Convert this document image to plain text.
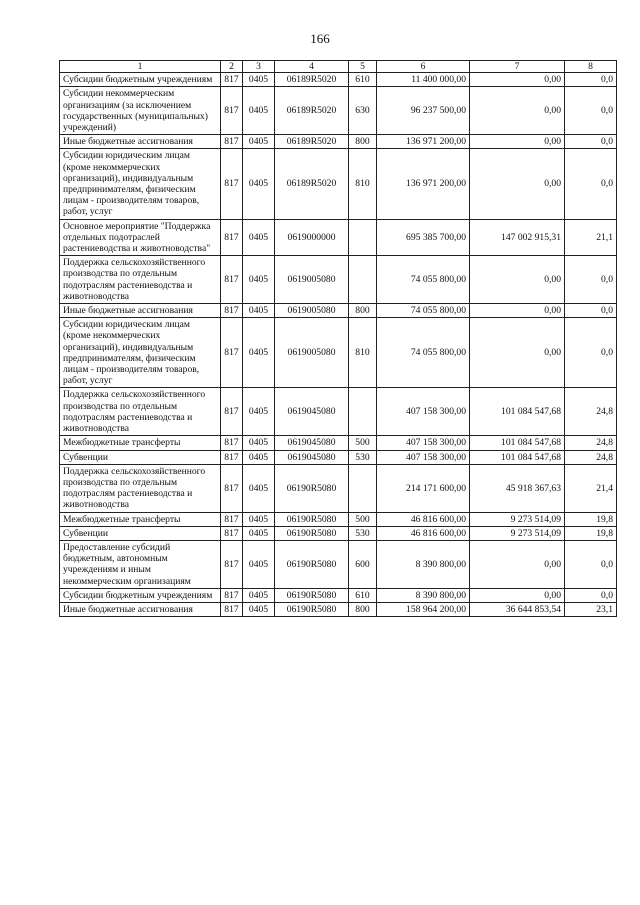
166
1	2	3	4	5	6	7	8
Субсидии бюджетным учреждениям	817	0405	06189R5020	610	11 400 000,00	0,00	0,0
Субсидии некоммерческим организациям (за исключением государственных (муниципальных) учреждений)	817	0405	06189R5020	630	96 237 500,00	0,00	0,0
Иные бюджетные ассигнования	817	0405	06189R5020	800	136 971 200,00	0,00	0,0
Субсидии юридическим лицам (кроме некоммерческих организаций), индивидуальным предпринимателям, физическим лицам - производителям товаров, работ, услуг	817	0405	06189R5020	810	136 971 200,00	0,00	0,0
Основное мероприятие "Поддержка отдельных подотраслей растениеводства и животноводства"	817	0405	0619000000		695 385 700,00	147 002 915,31	21,1
Поддержка сельскохозяйственного производства по отдельным подотраслям растениеводства и животноводства	817	0405	0619005080		74 055 800,00	0,00	0,0
Иные бюджетные ассигнования	817	0405	0619005080	800	74 055 800,00	0,00	0,0
Субсидии юридическим лицам (кроме некоммерческих организаций), индивидуальным предпринимателям, физическим лицам - производителям товаров, работ, услуг	817	0405	0619005080	810	74 055 800,00	0,00	0,0
Поддержка сельскохозяйственного производства по отдельным подотраслям растениеводства и животноводства	817	0405	0619045080		407 158 300,00	101 084 547,68	24,8
Межбюджетные трансферты	817	0405	0619045080	500	407 158 300,00	101 084 547,68	24,8
Субвенции	817	0405	0619045080	530	407 158 300,00	101 084 547,68	24,8
Поддержка сельскохозяйственного производства по отдельным подотраслям растениеводства и животноводства	817	0405	06190R5080		214 171 600,00	45 918 367,63	21,4
Межбюджетные трансферты	817	0405	06190R5080	500	46 816 600,00	9 273 514,09	19,8
Субвенции	817	0405	06190R5080	530	46 816 600,00	9 273 514,09	19,8
Предоставление субсидий бюджетным, автономным учреждениям и иным некоммерческим организациям	817	0405	06190R5080	600	8 390 800,00	0,00	0,0
Субсидии бюджетным учреждениям	817	0405	06190R5080	610	8 390 800,00	0,00	0,0
Иные бюджетные ассигнования	817	0405	06190R5080	800	158 964 200,00	36 644 853,54	23,1
